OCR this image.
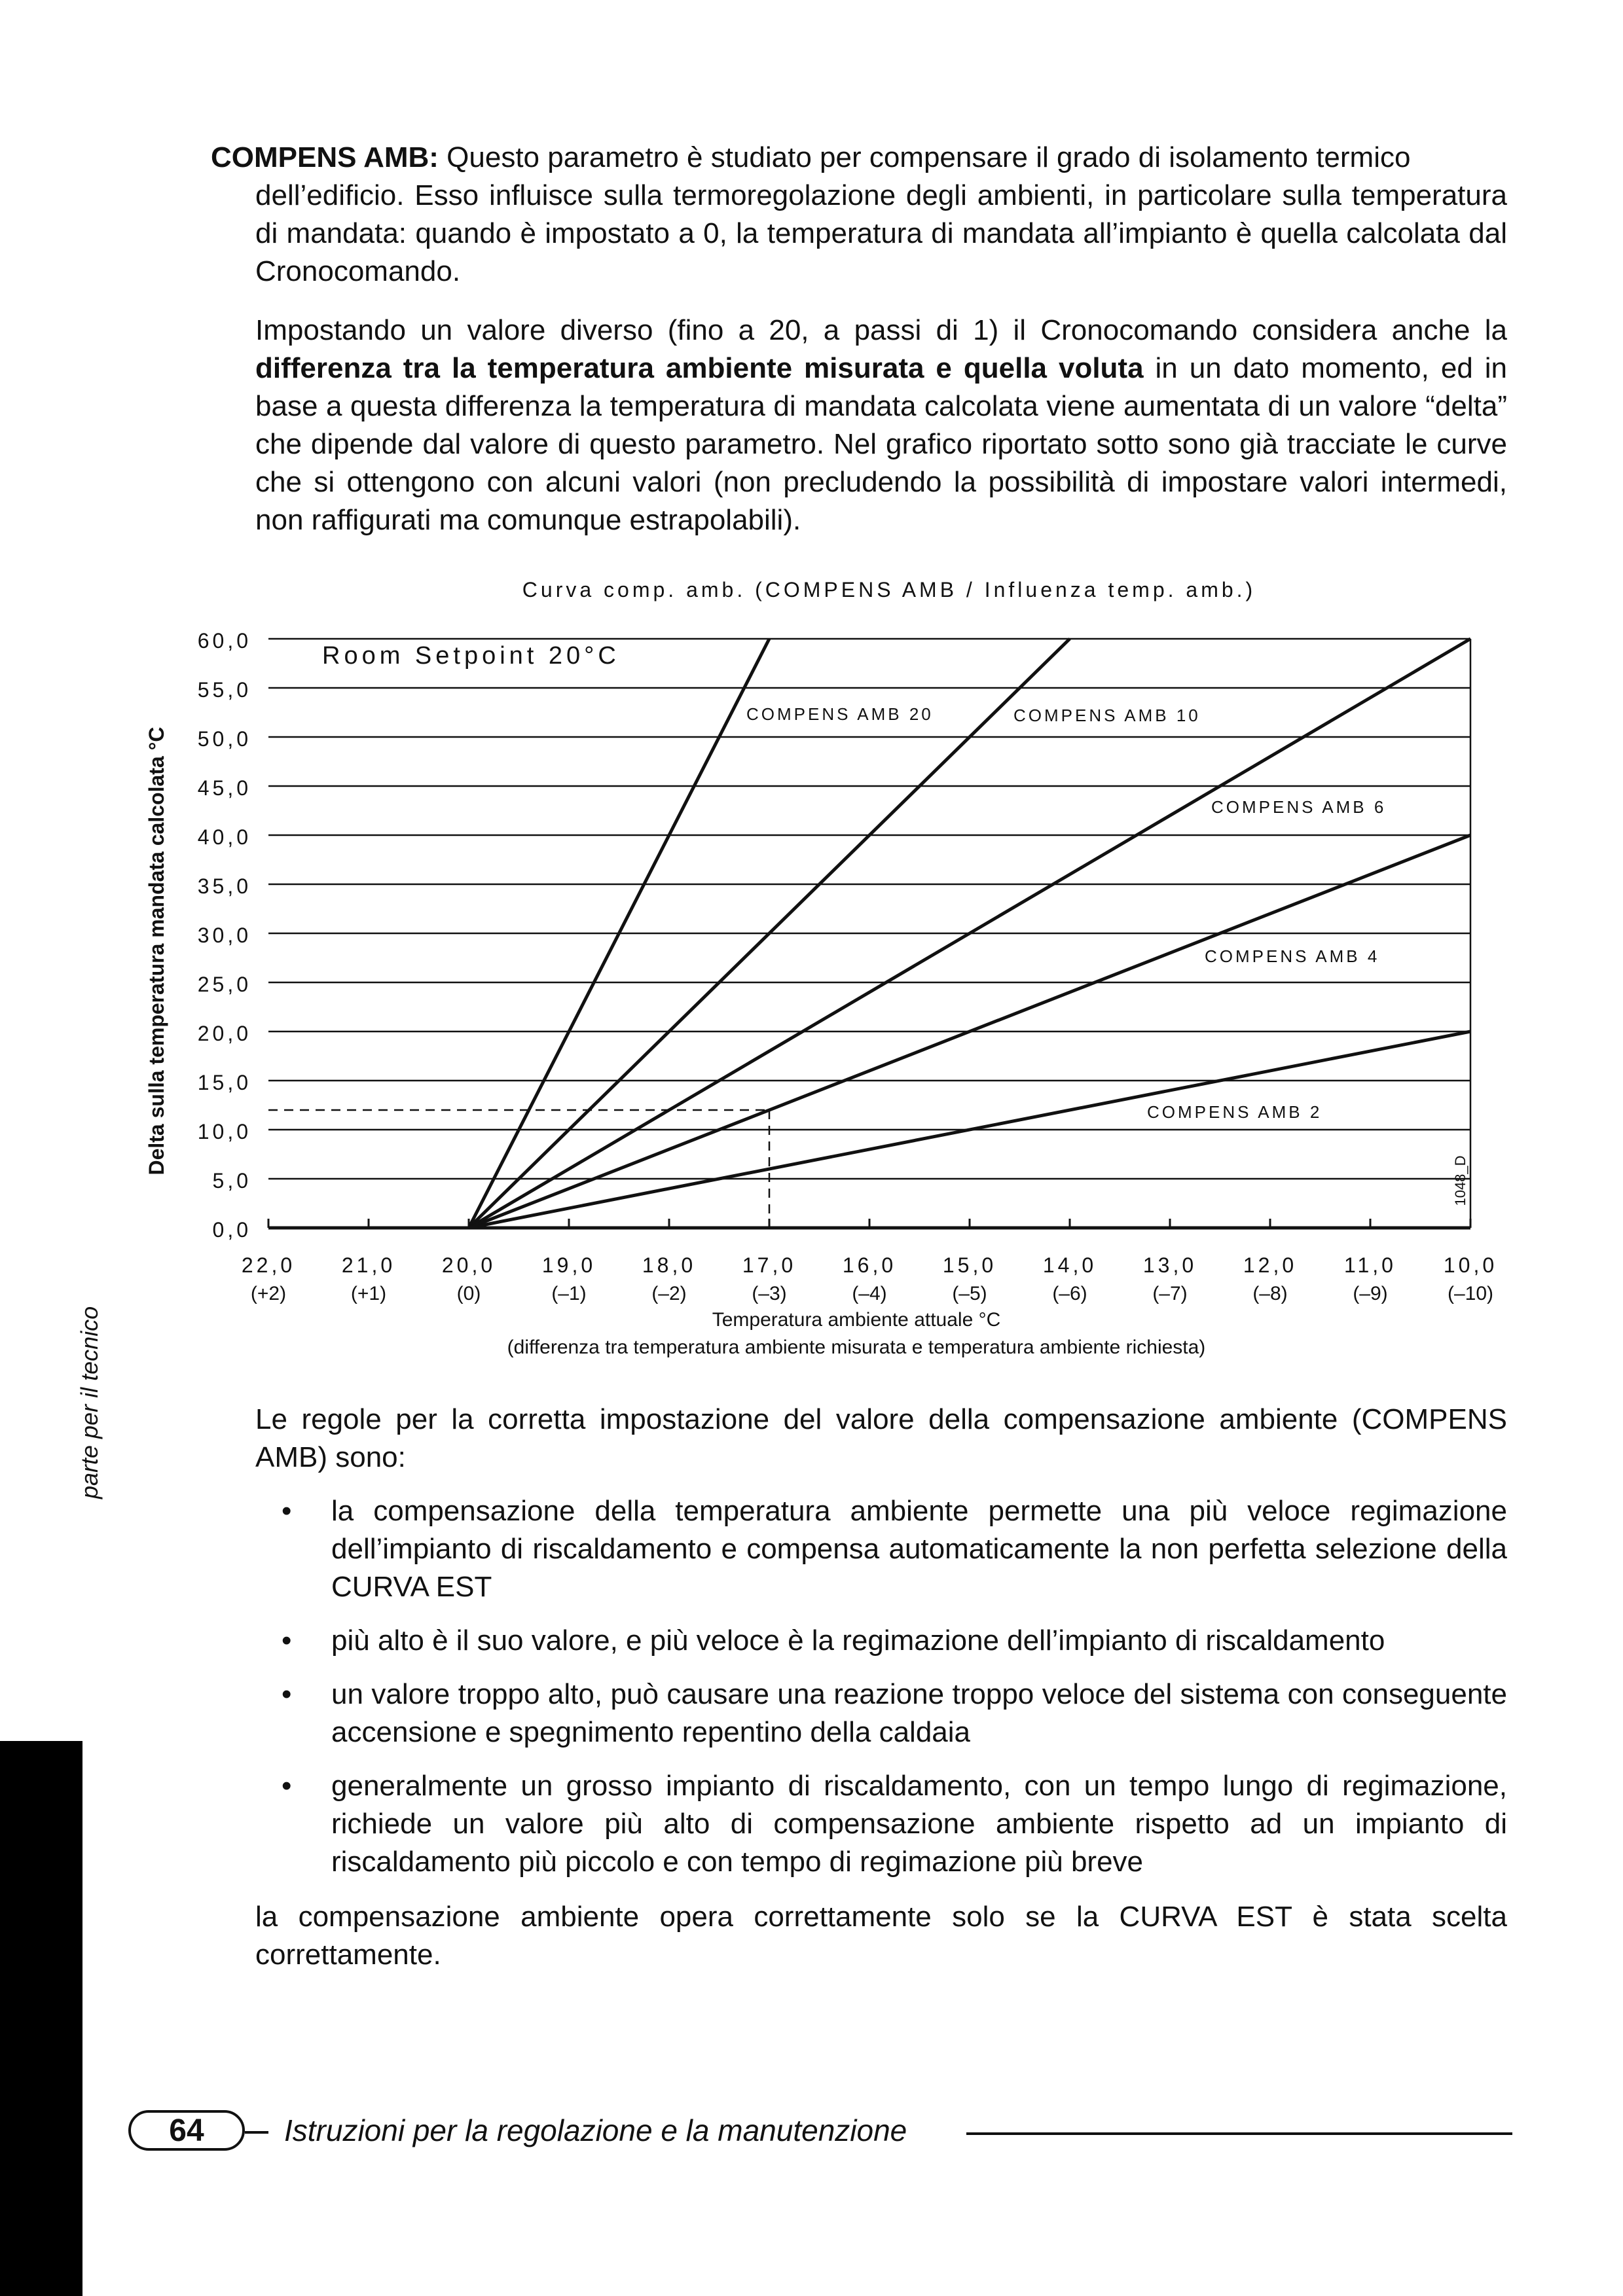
COMPENS AMB: Questo parametro è studiato per compensare il grado di isolamento termico
dell’edificio. Esso influisce sulla termoregolazione degli ambienti, in particolare sulla temperatura di mandata: quando è impostato a 0, la temperatura di mandata all’impianto è quella calcolata dal Cronocomando.
Impostando un valore diverso (fino a 20, a passi di 1) il Cronocomando considera anche la differenza tra la temperatura ambiente misurata e quella voluta in un dato momento, ed in base a questa differenza la temperatura di mandata calcolata viene aumentata di un valore “delta” che dipende dal valore di questo parametro. Nel grafico riportato sotto sono già tracciate le curve che si ottengono con alcuni valori (non precludendo la possibilità di impostare valori intermedi, non raffigurati ma comunque estrapolabili).
0,0
5,0
10,0
15,0
20,0
25,0
30,0
35,0
40,0
45,0
50,0
55,0
60,0
22,0
(+2)
21,0
(+1)
20,0
(0)
19,0
(–1)
18,0
(–2)
17,0
(–3)
16,0
(–4)
15,0
(–5)
14,0
(–6)
13,0
(–7)
12,0
(–8)
11,0
(–9)
10,0
(–10)
COMPENS AMB 20	COMPENS AMB 10
COMPENS AMB 6
COMPENS AMB 4
COMPENS AMB 2
Curva comp. amb. (COMPENS AMB / Influenza temp. amb.)
Room Setpoint 20°C
1048_D
Delta sulla temperatura mandata calcolata °C
Temperatura ambiente attuale °C
(differenza tra temperatura ambiente misurata e temperatura ambiente richiesta)
Le regole per la corretta impostazione del valore della compensazione ambiente (COMPENS AMB) sono:
• la compensazione della temperatura ambiente permette una più veloce regimazione dell’impianto di riscaldamento e compensa automaticamente la non perfetta selezione della CURVA EST
• più alto è il suo valore, e più veloce è la regimazione dell’impianto di riscaldamento
• un valore troppo alto, può causare una reazione troppo veloce del sistema con conseguente accensione e spegnimento repentino della caldaia
• generalmente un grosso impianto di riscaldamento, con un tempo lungo di regimazione, richiede un valore più alto di compensazione ambiente rispetto ad un impianto di riscaldamento più piccolo e con tempo di regimazione più breve
la compensazione ambiente opera correttamente solo se la CURVA EST è stata scelta correttamente.
parte per il tecnico
64	Istruzioni per la regolazione e la manutenzione
